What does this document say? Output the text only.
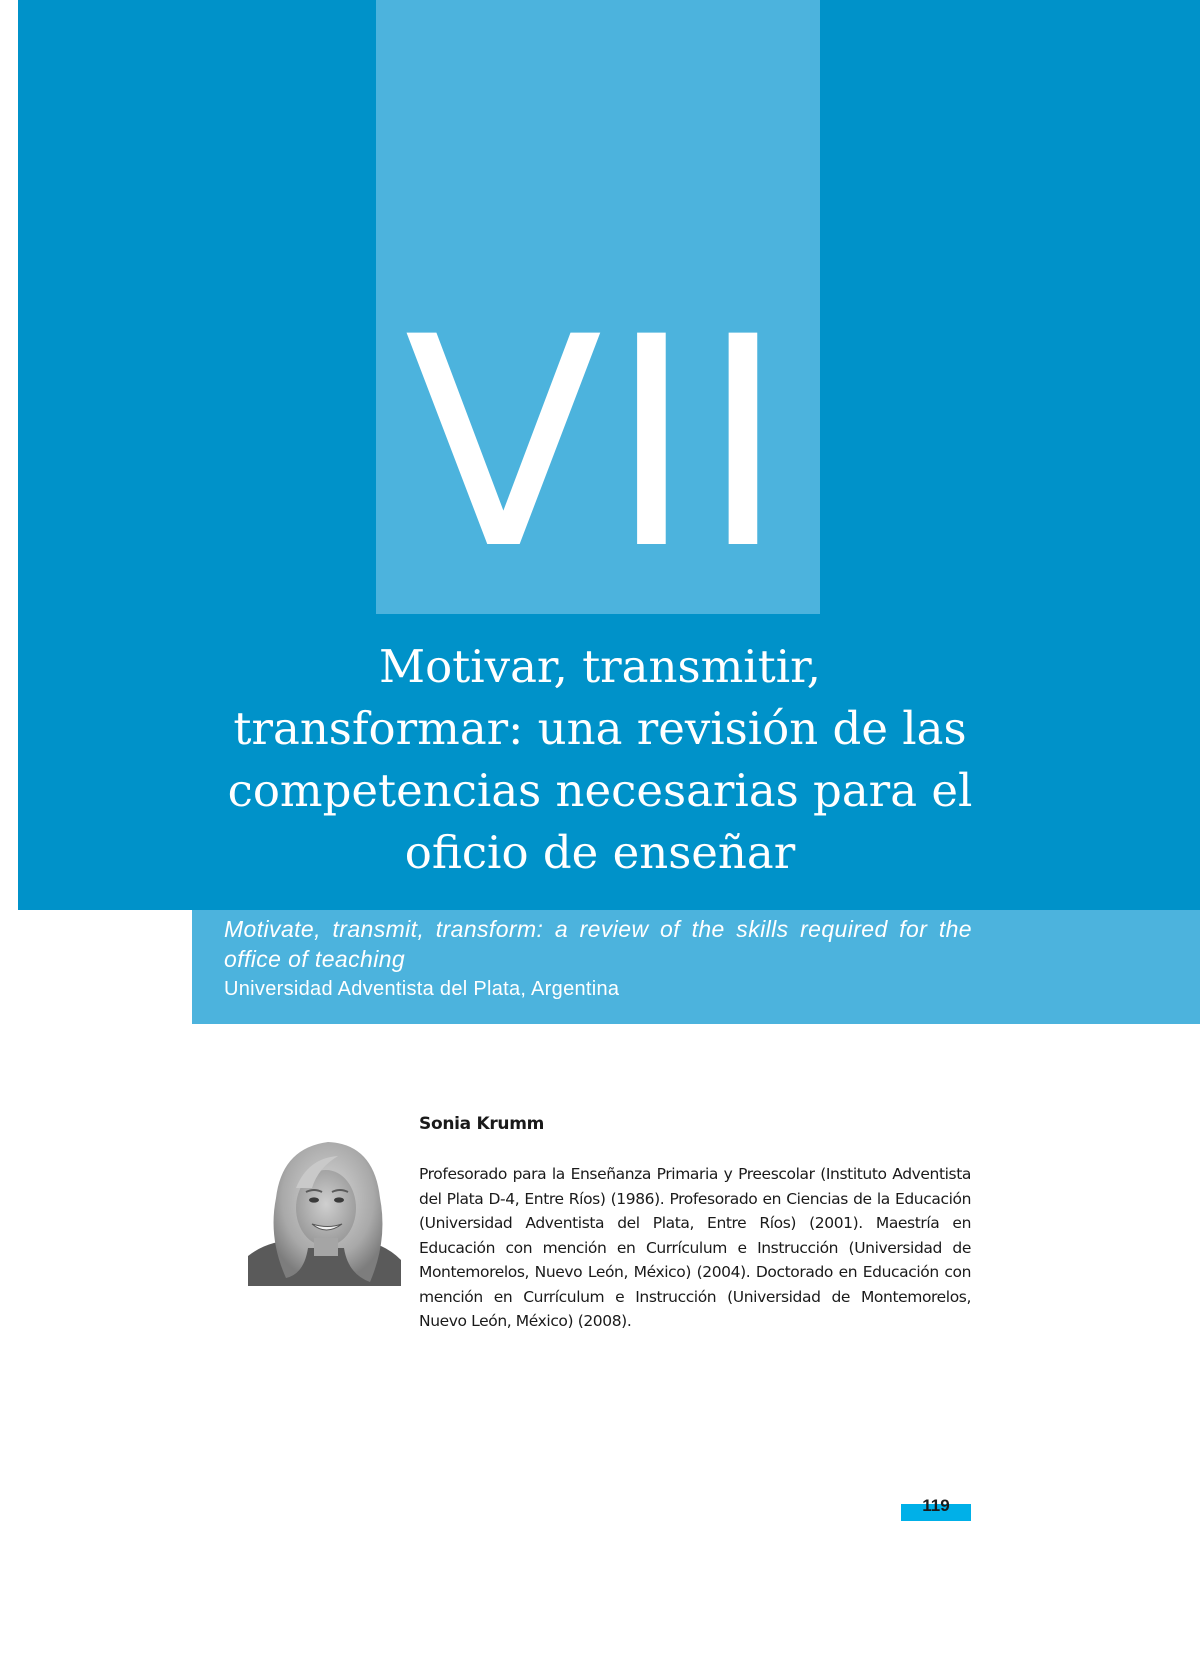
VII
Motivar, transmitir,
transformar: una revisión de las
competencias necesarias para el
oficio de enseñar
Motivate, transmit, transform: a review of the skills required for the office of teaching
Universidad Adventista del Plata, Argentina
Sonia Krumm
Profesorado para la Enseñanza Primaria y Preescolar (Instituto Adventista del Plata D-4, Entre Ríos) (1986). Profesorado en Ciencias de la Educación (Universidad Adventista del Plata, Entre Ríos) (2001). Maestría en Educación con mención en Currículum e Instrucción (Universidad de Montemorelos, Nuevo León, México) (2004). Doctorado en Educación con mención en Currículum e Instrucción (Universidad de Montemorelos, Nuevo León, México) (2008).
119
